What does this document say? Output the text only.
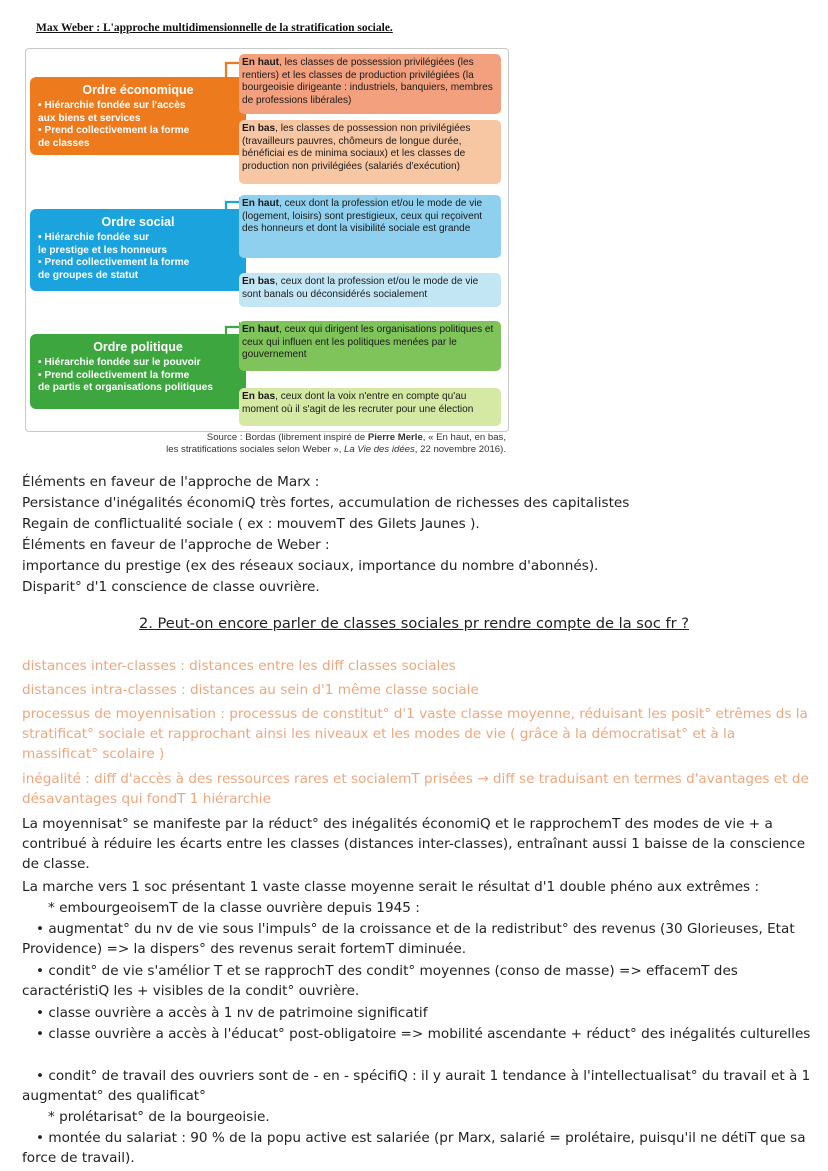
Max Weber : L'approche multidimensionnelle de la stratification sociale.
Ordre économique
• Hiérarchie fondée sur l'accès
aux biens et services
• Prend collectivement la forme
de classes
En haut, les classes de possession privilégiées (les rentiers) et les classes de production privilégiées (la bourgeoisie dirigeante : industriels, banquiers, membres de professions libérales)
En bas, les classes de possession non privilégiées (travailleurs pauvres, chômeurs de longue durée, bénéficiai es de minima sociaux) et les classes de production non privilégiées (salariés d'exécution)
Ordre social
• Hiérarchie fondée sur
le prestige et les honneurs
• Prend collectivement la forme
de groupes de statut
En haut, ceux dont la profession et/ou le mode de vie (logement, loisirs) sont prestigieux, ceux qui reçoivent des honneurs et dont la visibilité sociale est grande
En bas, ceux dont la profession et/ou le mode de vie sont banals ou déconsidérés socialement
Ordre politique
• Hiérarchie fondée sur le pouvoir
• Prend collectivement la forme
de partis et organisations politiques
En haut, ceux qui dirigent les organisations politiques et ceux qui influen ent les politiques menées par le gouvernement
En bas, ceux dont la voix n'entre en compte qu'au moment où il s'agit de les recruter pour une élection
Source : Bordas (librement inspiré de Pierre Merle, « En haut, en bas,
les stratifications sociales selon Weber », La Vie des idées, 22 novembre 2016).
Éléments en faveur de l'approche de Marx :
Persistance d'inégalités économiQ très fortes, accumulation de richesses des capitalistes
Regain de conflictualité sociale ( ex : mouvemT des Gilets Jaunes ).
Éléments en faveur de l'approche de Weber :
importance du prestige (ex des réseaux sociaux, importance du nombre d'abonnés).
Disparit° d'1 conscience de classe ouvrière.
2. Peut-on encore parler de classes sociales pr rendre compte de la soc fr ?
distances inter-classes : distances entre les diff classes sociales
distances intra-classes : distances au sein d'1 même classe sociale
processus de moyennisation : processus de constitut° d'1 vaste classe moyenne, réduisant les posit° etrêmes ds la stratificat° sociale et rapprochant ainsi les niveaux et les modes de vie ( grâce à la démocratisat° et à la massificat° scolaire )
inégalité : diff d'accès à des ressources rares et socialemT prisées → diff se traduisant en termes d'avantages et de désavantages qui fondT 1 hiérarchie
La moyennisat° se manifeste par la réduct° des inégalités économiQ et le rapprochemT des modes de vie + a contribué à réduire les écarts entre les classes (distances inter-classes), entraînant aussi 1 baisse de la conscience de classe.
La marche vers 1 soc présentant 1 vaste classe moyenne serait le résultat d'1 double phéno aux extrêmes :
* embourgeoisemT de la classe ouvrière depuis 1945 :
• augmentat° du nv de vie sous l'impuls° de la croissance et de la redistribut° des revenus (30 Glorieuses, Etat Providence) => la dispers° des revenus serait fortemT diminuée.
• condit° de vie s'amélior T et se rapprochT des condit° moyennes (conso de masse) => effacemT des caractéristiQ les + visibles de la condit° ouvrière.
• classe ouvrière a accès à 1 nv de patrimoine significatif
• classe ouvrière a accès à l'éducat° post-obligatoire => mobilité ascendante + réduct° des inégalités culturelles
• condit° de travail des ouvriers sont de - en - spécifiQ : il y aurait 1 tendance à l'intellectualisat° du travail et à 1 augmentat° des qualificat°
* prolétarisat° de la bourgeoisie.
• montée du salariat : 90 % de la popu active est salariée (pr Marx, salarié = prolétaire, puisqu'il ne détiT que sa force de travail).
